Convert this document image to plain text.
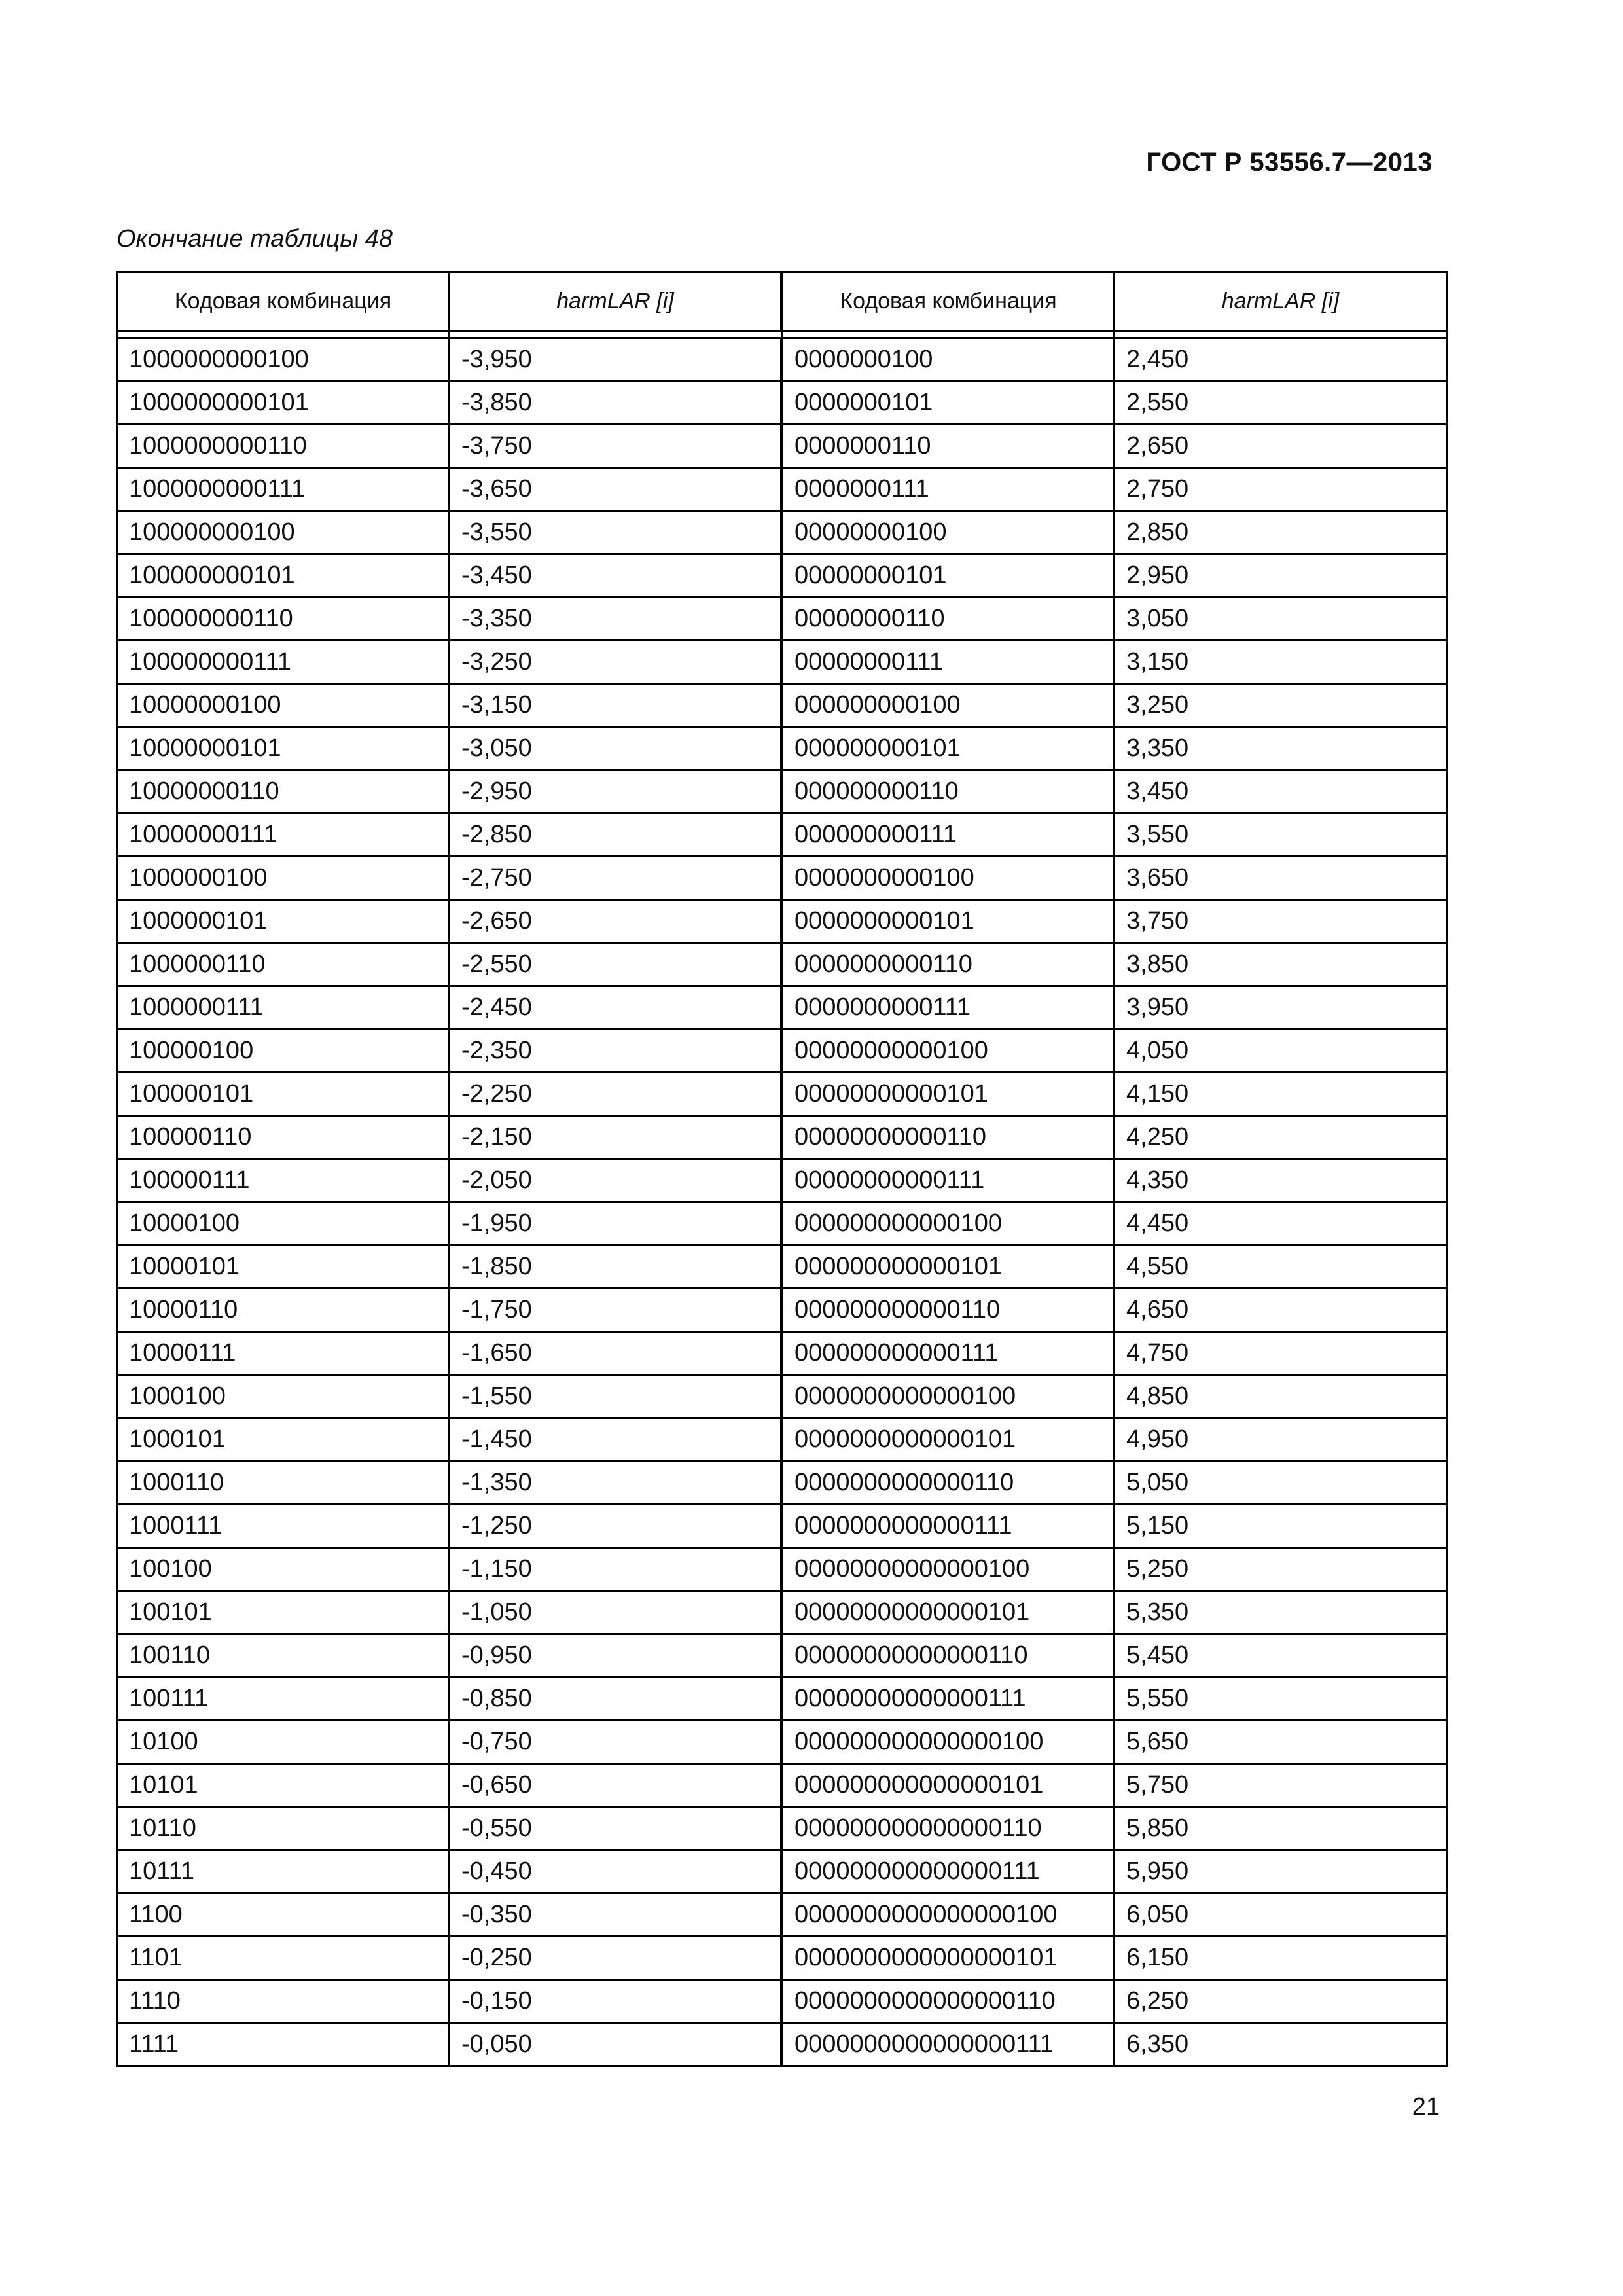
ГОСТ Р 53556.7—2013
Окончание таблицы 48
Кодовая комбинация	harmLAR [i]	Кодовая комбинация	harmLAR [i]

1000000000100	-3,950	0000000100	2,450
1000000000101	-3,850	0000000101	2,550
1000000000110	-3,750	0000000110	2,650
1000000000111	-3,650	0000000111	2,750
100000000100	-3,550	00000000100	2,850
100000000101	-3,450	00000000101	2,950
100000000110	-3,350	00000000110	3,050
100000000111	-3,250	00000000111	3,150
10000000100	-3,150	000000000100	3,250
10000000101	-3,050	000000000101	3,350
10000000110	-2,950	000000000110	3,450
10000000111	-2,850	000000000111	3,550
1000000100	-2,750	0000000000100	3,650
1000000101	-2,650	0000000000101	3,750
1000000110	-2,550	0000000000110	3,850
1000000111	-2,450	0000000000111	3,950
100000100	-2,350	00000000000100	4,050
100000101	-2,250	00000000000101	4,150
100000110	-2,150	00000000000110	4,250
100000111	-2,050	00000000000111	4,350
10000100	-1,950	000000000000100	4,450
10000101	-1,850	000000000000101	4,550
10000110	-1,750	000000000000110	4,650
10000111	-1,650	000000000000111	4,750
1000100	-1,550	0000000000000100	4,850
1000101	-1,450	0000000000000101	4,950
1000110	-1,350	0000000000000110	5,050
1000111	-1,250	0000000000000111	5,150
100100	-1,150	00000000000000100	5,250
100101	-1,050	00000000000000101	5,350
100110	-0,950	00000000000000110	5,450
100111	-0,850	00000000000000111	5,550
10100	-0,750	000000000000000100	5,650
10101	-0,650	000000000000000101	5,750
10110	-0,550	000000000000000110	5,850
10111	-0,450	000000000000000111	5,950
1100	-0,350	0000000000000000100	6,050
1101	-0,250	0000000000000000101	6,150
1110	-0,150	0000000000000000110	6,250
1111	-0,050	0000000000000000111	6,350
21
